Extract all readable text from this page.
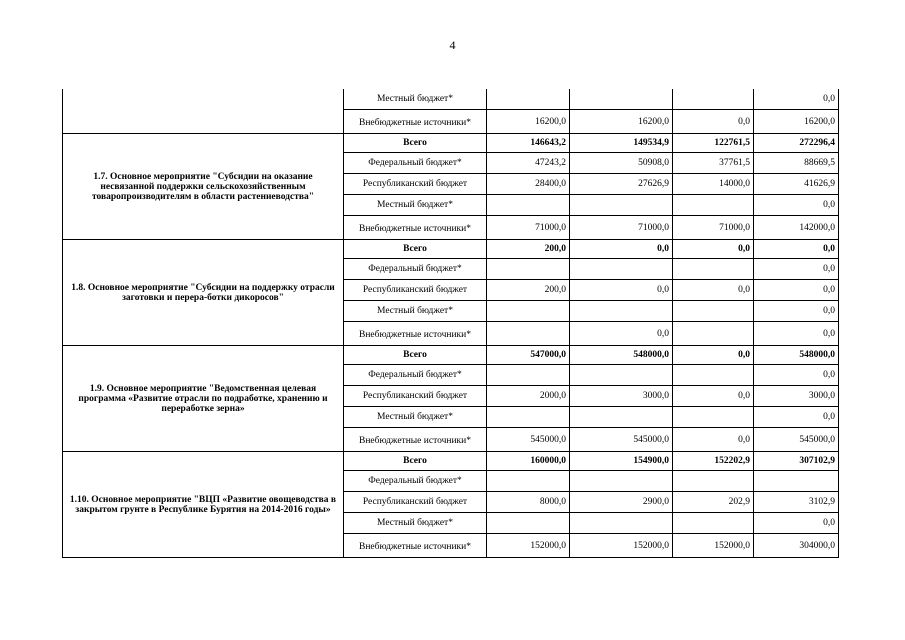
4
	Местный бюджет*				0,0
	Внебюджетные источники*	16200,0	16200,0	0,0	16200,0
1.7. Основное мероприятие "Субсидии на оказание несвязанной поддержки сельскохозяйственным товаропроизводителям в области растениеводства"	Всего	146643,2	149534,9	122761,5	272296,4
	Федеральный бюджет*	47243,2	50908,0	37761,5	88669,5
	Республиканский бюджет	28400,0	27626,9	14000,0	41626,9
	Местный бюджет*				0,0
	Внебюджетные источники*	71000,0	71000,0	71000,0	142000,0
1.8. Основное мероприятие "Субсидии на поддержку отрасли заготовки и перера-ботки дикоросов"	Всего	200,0	0,0	0,0	0,0
	Федеральный бюджет*				0,0
	Республиканский бюджет	200,0	0,0	0,0	0,0
	Местный бюджет*				0,0
	Внебюджетные источники*		0,0		0,0
1.9. Основное мероприятие "Ведомственная целевая программа «Развитие отрасли по подработке, хранению и переработке зерна»	Всего	547000,0	548000,0	0,0	548000,0
	Федеральный бюджет*				0,0
	Республиканский бюджет	2000,0	3000,0	0,0	3000,0
	Местный бюджет*				0,0
	Внебюджетные источники*	545000,0	545000,0	0,0	545000,0
1.10. Основное мероприятие "ВЦП «Развитие овощеводства в закрытом грунте в Республике Бурятия на 2014-2016 годы»	Всего	160000,0	154900,0	152202,9	307102,9
	Федеральный бюджет*				
	Республиканский бюджет	8000,0	2900,0	202,9	3102,9
	Местный бюджет*				0,0
	Внебюджетные источники*	152000,0	152000,0	152000,0	304000,0
